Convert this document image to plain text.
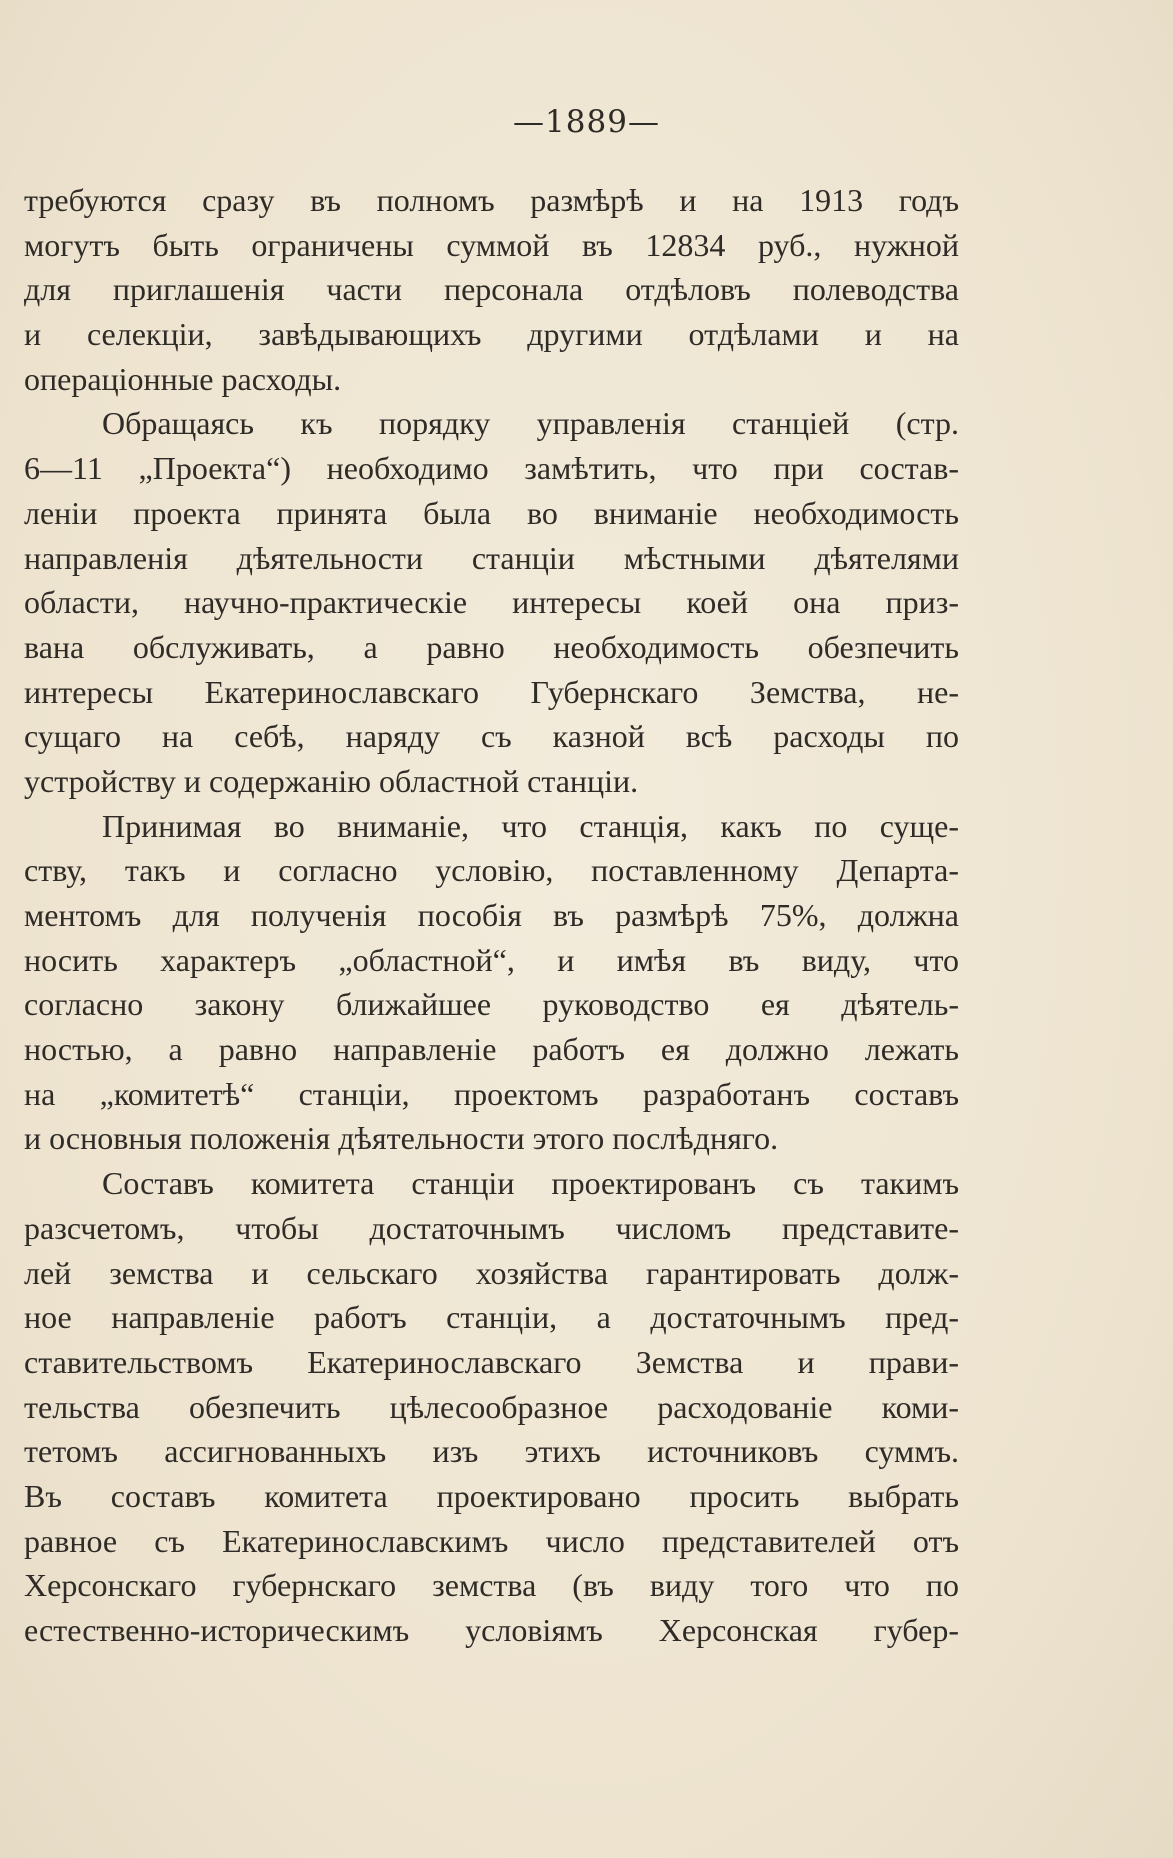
—1889—
требуются сразу въ полномъ размѣрѣ и на 1913 годъ
могутъ быть ограничены суммой въ 12834 руб., нужной
для приглашенія части персонала отдѣловъ полеводства
и селекціи, завѣдывающихъ другими отдѣлами и на
операціонные расходы.
Обращаясь къ порядку управленія станціей (стр.
6—11 „Проекта“) необходимо замѣтить, что при состав-
леніи проекта принята была во вниманіе необходимость
направленія дѣятельности станціи мѣстными дѣятелями
области, научно-практическіе интересы коей она приз-
вана обслуживать, а равно необходимость обезпечить
интересы Екатеринославскаго Губернскаго Земства, не-
сущаго на себѣ, наряду съ казной всѣ расходы по
устройству и содержанію областной станціи.
Принимая во вниманіе, что станція, какъ по суще-
ству, такъ и согласно условію, поставленному Департа-
ментомъ для полученія пособія въ размѣрѣ 75%, должна
носить характеръ „областной“, и имѣя въ виду, что
согласно закону ближайшее руководство ея дѣятель-
ностью, а равно направленіе работъ ея должно лежать
на „комитетѣ“ станціи, проектомъ разработанъ составъ
и основныя положенія дѣятельности этого послѣдняго.
Составъ комитета станціи проектированъ съ такимъ
разсчетомъ, чтобы достаточнымъ числомъ представите-
лей земства и сельскаго хозяйства гарантировать долж-
ное направленіе работъ станціи, а достаточнымъ пред-
ставительствомъ Екатеринославскаго Земства и прави-
тельства обезпечить цѣлесообразное расходованіе коми-
тетомъ ассигнованныхъ изъ этихъ источниковъ суммъ.
Въ составъ комитета проектировано просить выбрать
равное съ Екатеринославскимъ число представителей отъ
Херсонскаго губернскаго земства (въ виду того что по
естественно-историческимъ условіямъ Херсонская губер-
